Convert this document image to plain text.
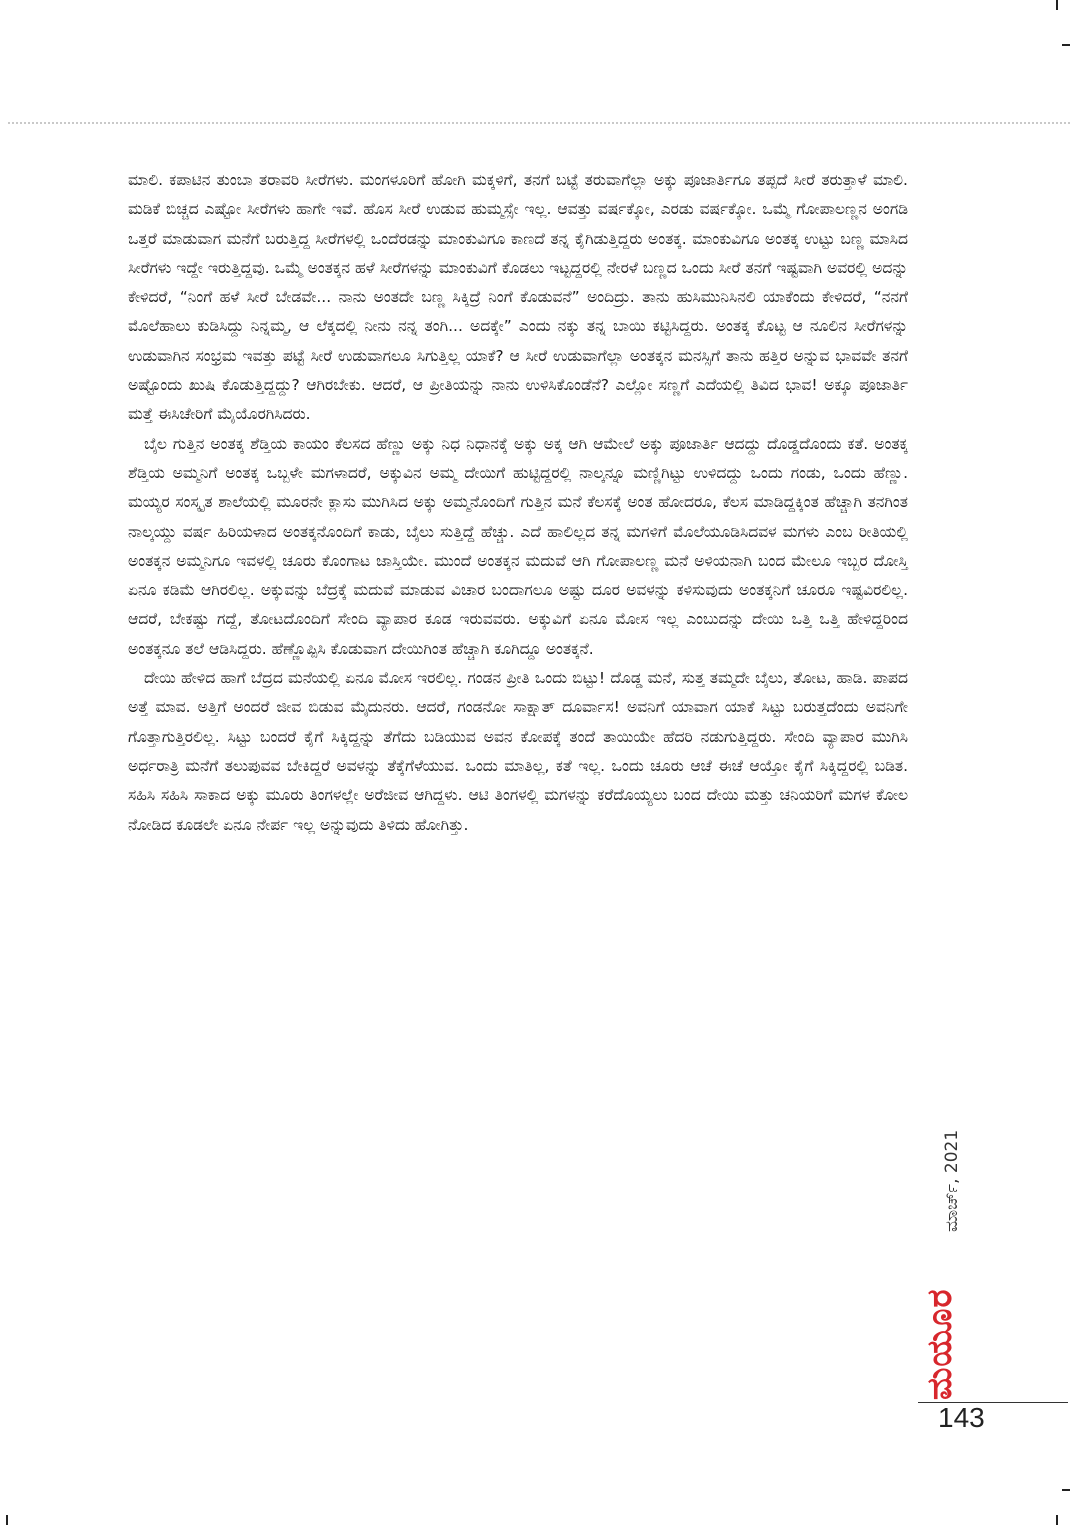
ಮಾಲಿ. ಕಪಾಟಿನ ತುಂಬಾ ತರಾವರಿ ಸೀರೆಗಳು. ಮಂಗಳೂರಿಗೆ ಹೋಗಿ ಮಕ್ಕಳಿಗೆ, ತನಗೆ ಬಟ್ಟೆ ತರುವಾಗೆಲ್ಲಾ ಅಕ್ಕು ಪೂಜಾರ್ತಿಗೂ ತಪ್ಪದೆ ಸೀರೆ ತರುತ್ತಾಳೆ ಮಾಲಿ. ಮಡಿಕೆ ಬಿಚ್ಚದ ಎಷ್ಟೋ ಸೀರೆಗಳು ಹಾಗೇ ಇವೆ. ಹೊಸ ಸೀರೆ ಉಡುವ ಹುಮ್ಮಸ್ಸೇ ಇಲ್ಲ. ಆವತ್ತು ವರ್ಷಕ್ಕೋ, ಎರಡು ವರ್ಷಕ್ಕೋ. ಒಮ್ಮೆ ಗೋಪಾಲಣ್ಣನ ಅಂಗಡಿ ಒತ್ತರೆ ಮಾಡುವಾಗ ಮನೆಗೆ ಬರುತ್ತಿದ್ದ ಸೀರೆಗಳಲ್ಲಿ ಒಂದೆರಡನ್ನು ಮಾಂಕುವಿಗೂ ಕಾಣದೆ ತನ್ನ ಕೈಗಿಡುತ್ತಿದ್ದರು ಅಂತಕ್ಕ. ಮಾಂಕುವಿಗೂ ಅಂತಕ್ಕ ಉಟ್ಟು ಬಣ್ಣ ಮಾಸಿದ ಸೀರೆಗಳು ಇದ್ದೇ ಇರುತ್ತಿದ್ದವು. ಒಮ್ಮೆ ಅಂತಕ್ಕನ ಹಳೆ ಸೀರೆಗಳನ್ನು ಮಾಂಕುವಿಗೆ ಕೊಡಲು ಇಟ್ಟದ್ದರಲ್ಲಿ ನೇರಳೆ ಬಣ್ಣದ ಒಂದು ಸೀರೆ ತನಗೆ ಇಷ್ಟವಾಗಿ ಅವರಲ್ಲಿ ಅದನ್ನು ಕೇಳಿದರೆ, “ನಿಂಗೆ ಹಳೆ ಸೀರೆ ಬೇಡವೇ... ನಾನು ಅಂತದೇ ಬಣ್ಣ ಸಿಕ್ಕಿದ್ರೆ ನಿಂಗೆ ಕೊಡುವನೆ” ಅಂದಿದ್ರು. ತಾನು ಹುಸಿಮುನಿಸಿನಲಿ ಯಾಕೆಂದು ಕೇಳಿದರೆ, “ನನಗೆ ಮೊಲೆಹಾಲು ಕುಡಿಸಿದ್ದು ನಿನ್ನಮ್ಮ, ಆ ಲೆಕ್ಕದಲ್ಲಿ ನೀನು ನನ್ನ ತಂಗಿ... ಅದಕ್ಕೇ” ಎಂದು ನಕ್ಕು ತನ್ನ ಬಾಯಿ ಕಟ್ಟಿಸಿದ್ದರು. ಅಂತಕ್ಕ ಕೊಟ್ಟ ಆ ನೂಲಿನ ಸೀರೆಗಳನ್ನು ಉಡುವಾಗಿನ ಸಂಭ್ರಮ ಇವತ್ತು ಪಟ್ಟೆ ಸೀರೆ ಉಡುವಾಗಲೂ ಸಿಗುತ್ತಿಲ್ಲ ಯಾಕೆ? ಆ ಸೀರೆ ಉಡುವಾಗೆಲ್ಲಾ ಅಂತಕ್ಕನ ಮನಸ್ಸಿಗೆ ತಾನು ಹತ್ತಿರ ಅನ್ನುವ ಭಾವವೇ ತನಗೆ ಅಷ್ಟೊಂದು ಖುಷಿ ಕೊಡುತ್ತಿದ್ದದ್ದು? ಆಗಿರಬೇಕು. ಆದರೆ, ಆ ಪ್ರೀತಿಯನ್ನು ನಾನು ಉಳಿಸಿಕೊಂಡೆನೆ? ಎಲ್ಲೋ ಸಣ್ಣಗೆ ಎದೆಯಲ್ಲಿ ತಿವಿದ ಭಾವ! ಅಕ್ಕೂ ಪೂಜಾರ್ತಿ ಮತ್ತೆ ಈಸಿಚೇರಿಗೆ ಮೈಯೊರಗಿಸಿದರು.

ಬೈಲ ಗುತ್ತಿನ ಅಂತಕ್ಕ ಶೆಡ್ತಿಯ ಕಾಯಂ ಕೆಲಸದ ಹೆಣ್ಣು ಅಕ್ಕು ನಿಧ ನಿಧಾನಕ್ಕೆ ಅಕ್ಕು ಅಕ್ಕ ಆಗಿ ಆಮೇಲೆ ಅಕ್ಕು ಪೂಜಾರ್ತಿ ಆದದ್ದು ದೊಡ್ಡದೊಂದು ಕತೆ. ಅಂತಕ್ಕ ಶೆಡ್ತಿಯ ಅಮ್ಮನಿಗೆ ಅಂತಕ್ಕ ಒಬ್ಬಳೇ ಮಗಳಾದರೆ, ಅಕ್ಕುವಿನ ಅಮ್ಮ ದೇಯಿಗೆ ಹುಟ್ಟಿದ್ದರಲ್ಲಿ ನಾಲ್ಕನ್ನೂ ಮಣ್ಣಿಗಿಟ್ಟು ಉಳಿದದ್ದು ಒಂದು ಗಂಡು, ಒಂದು ಹೆಣ್ಣು. ಮಯ್ಯರ ಸಂಸ್ಕೃತ ಶಾಲೆಯಲ್ಲಿ ಮೂರನೇ ಕ್ಲಾಸು ಮುಗಿಸಿದ ಅಕ್ಕು ಅಮ್ಮನೊಂದಿಗೆ ಗುತ್ತಿನ ಮನೆ ಕೆಲಸಕ್ಕೆ ಅಂತ ಹೋದರೂ, ಕೆಲಸ ಮಾಡಿದ್ದಕ್ಕಿಂತ ಹೆಚ್ಚಾಗಿ ತನಗಿಂತ ನಾಲ್ಕಯ್ದು ವರ್ಷ ಹಿರಿಯಳಾದ ಅಂತಕ್ಕನೊಂದಿಗೆ ಕಾಡು, ಬೈಲು ಸುತ್ತಿದ್ದೆ ಹೆಚ್ಚು. ಎದೆ ಹಾಲಿಲ್ಲದ ತನ್ನ ಮಗಳಿಗೆ ಮೊಲೆಯೂಡಿಸಿದವಳ ಮಗಳು ಎಂಬ ರೀತಿಯಲ್ಲಿ ಅಂತಕ್ಕನ ಅಮ್ಮನಿಗೂ ಇವಳಲ್ಲಿ ಚೂರು ಕೊಂಗಾಟ ಜಾಸ್ತಿಯೇ. ಮುಂದೆ ಅಂತಕ್ಕನ ಮದುವೆ ಆಗಿ ಗೋಪಾಲಣ್ಣ ಮನೆ ಅಳಿಯನಾಗಿ ಬಂದ ಮೇಲೂ ಇಬ್ಬರ ದೋಸ್ತಿ ಏನೂ ಕಡಿಮೆ ಆಗಿರಲಿಲ್ಲ. ಅಕ್ಕುವನ್ನು ಬೆದ್ರಕ್ಕೆ ಮದುವೆ ಮಾಡುವ ವಿಚಾರ ಬಂದಾಗಲೂ ಅಷ್ಟು ದೂರ ಅವಳನ್ನು ಕಳಿಸುವುದು ಅಂತಕ್ಕನಿಗೆ ಚೂರೂ ಇಷ್ಟವಿರಲಿಲ್ಲ. ಆದರೆ, ಬೇಕಷ್ಟು ಗದ್ದೆ, ತೋಟದೊಂದಿಗೆ ಸೇಂದಿ ವ್ಯಾಪಾರ ಕೂಡ ಇರುವವರು. ಅಕ್ಕುವಿಗೆ ಏನೂ ಮೋಸ ಇಲ್ಲ ಎಂಬುದನ್ನು ದೇಯಿ ಒತ್ತಿ ಒತ್ತಿ ಹೇಳಿದ್ದರಿಂದ ಅಂತಕ್ಕನೂ ತಲೆ ಆಡಿಸಿದ್ದರು. ಹೆಣ್ಣೊಪ್ಪಿಸಿ ಕೊಡುವಾಗ ದೇಯಿಗಿಂತ ಹೆಚ್ಚಾಗಿ ಕೂಗಿದ್ದೂ ಅಂತಕ್ಕನೆ.

ದೇಯಿ ಹೇಳಿದ ಹಾಗೆ ಬೆದ್ರದ ಮನೆಯಲ್ಲಿ ಏನೂ ಮೋಸ ಇರಲಿಲ್ಲ. ಗಂಡನ ಪ್ರೀತಿ ಒಂದು ಬಿಟ್ಟು! ದೊಡ್ಡ ಮನೆ, ಸುತ್ತ ತಮ್ಮದೇ ಬೈಲು, ತೋಟ, ಹಾಡಿ. ಪಾಪದ ಅತ್ತೆ ಮಾವ. ಅತ್ತಿಗೆ ಅಂದರೆ ಜೀವ ಬಿಡುವ ಮೈದುನರು. ಆದರೆ, ಗಂಡನೋ ಸಾಕ್ಷಾತ್ ದೂರ್ವಾಸ! ಅವನಿಗೆ ಯಾವಾಗ ಯಾಕೆ ಸಿಟ್ಟು ಬರುತ್ತದೆಂದು ಅವನಿಗೇ ಗೊತ್ತಾಗುತ್ತಿರಲಿಲ್ಲ. ಸಿಟ್ಟು ಬಂದರೆ ಕೈಗೆ ಸಿಕ್ಕಿದ್ದನ್ನು ತೆಗೆದು ಬಡಿಯುವ ಅವನ ಕೋಪಕ್ಕೆ ತಂದೆ ತಾಯಿಯೇ ಹೆದರಿ ನಡುಗುತ್ತಿದ್ದರು. ಸೇಂದಿ ವ್ಯಾಪಾರ ಮುಗಿಸಿ ಅರ್ಧರಾತ್ರಿ ಮನೆಗೆ ತಲುಪುವವ ಬೇಕಿದ್ದರೆ ಅವಳನ್ನು ತೆಕ್ಕೆಗೆಳೆಯುವ. ಒಂದು ಮಾತಿಲ್ಲ, ಕತೆ ಇಲ್ಲ. ಒಂದು ಚೂರು ಆಚೆ ಈಚೆ ಆಯ್ತೋ ಕೈಗೆ ಸಿಕ್ಕಿದ್ದರಲ್ಲಿ ಬಡಿತ. ಸಹಿಸಿ ಸಹಿಸಿ ಸಾಕಾದ ಅಕ್ಕು ಮೂರು ತಿಂಗಳಲ್ಲೇ ಅರೆಜೀವ ಆಗಿದ್ದಳು. ಆಟಿ ತಿಂಗಳಲ್ಲಿ ಮಗಳನ್ನು ಕರೆದೊಯ್ಯಲು ಬಂದ ದೇಯಿ ಮತ್ತು ಚನಿಯರಿಗೆ ಮಗಳ ಕೋಲ ನೋಡಿದ ಕೂಡಲೇ ಏನೂ ನೇರ್ಪ ಇಲ್ಲ ಅನ್ನುವುದು ತಿಳಿದು ಹೋಗಿತ್ತು.

ಮಾರ್ಚ್, 2021
ಮಯೂರ
143
